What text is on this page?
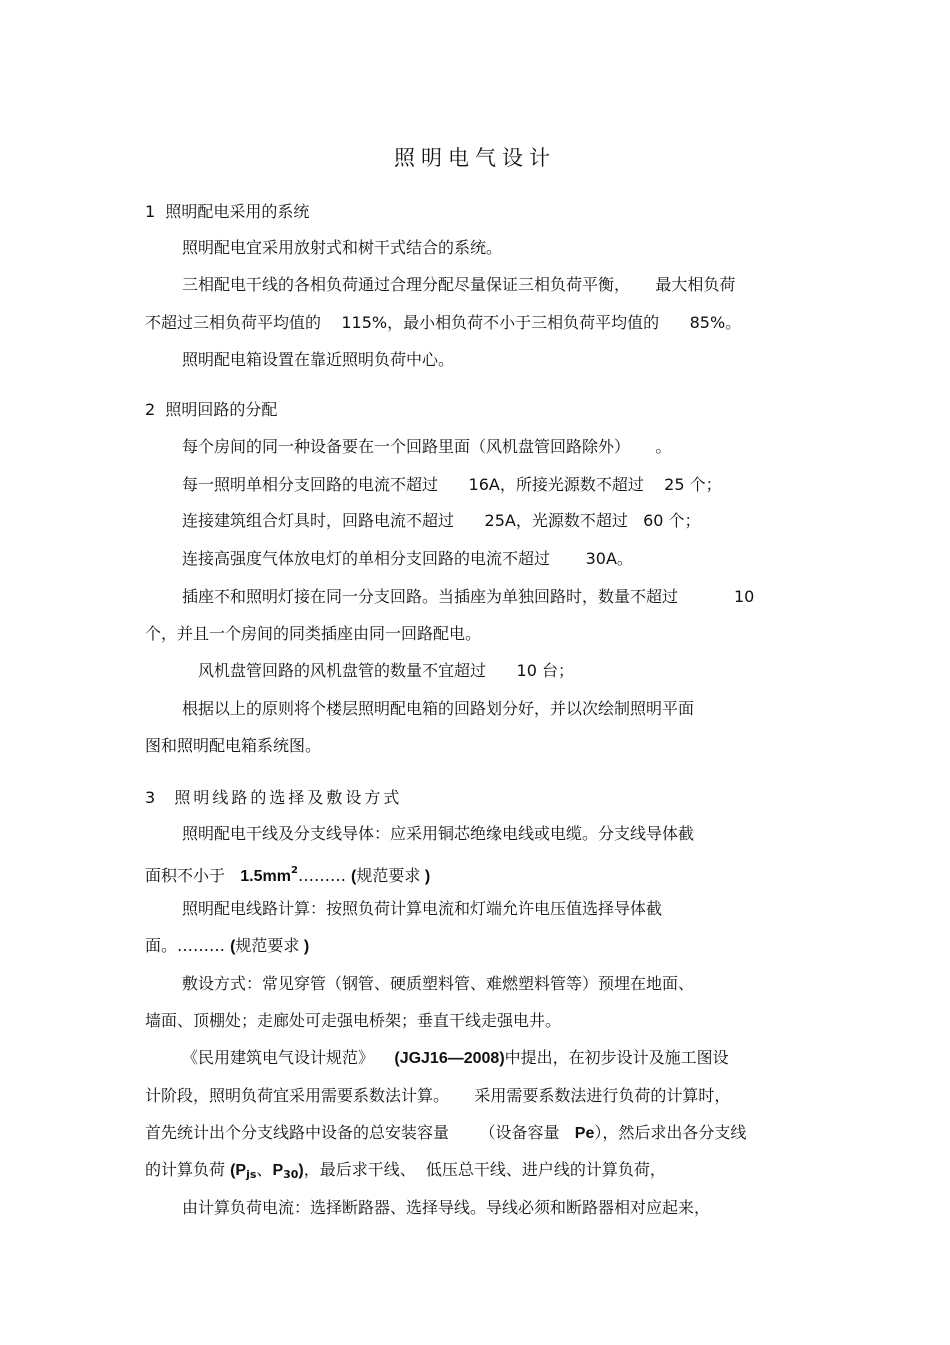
照明电气设计

1  照明配电采用的系统

照明配电宜采用放射式和树干式结合的系统。

三相配电干线的各相负荷通过合理分配尽量保证三相负荷平衡，     最大相负荷

不超过三相负荷平均值的    115%，最小相负荷不小于三相负荷平均值的      85%。

照明配电箱设置在靠近照明负荷中心。

2  照明回路的分配

每个房间的同一种设备要在一个回路里面（风机盘管回路除外）     。

每一照明单相分支回路的电流不超过      16A，所接光源数不超过    25 个；

连接建筑组合灯具时，回路电流不超过      25A，光源数不超过   60 个；

连接高强度气体放电灯的单相分支回路的电流不超过       30A。

插座不和照明灯接在同一分支回路。当插座为单独回路时，数量不超过           10

个，并且一个房间的同类插座由同一回路配电。

风机盘管回路的风机盘管的数量不宜超过      10 台；

根据以上的原则将个楼层照明配电箱的回路划分好，并以次绘制照明平面

图和照明配电箱系统图。

3  照明线路的选择及敷设方式

照明配电干线及分支线导体：应采用铜芯绝缘电线或电缆。分支线导体截

面积不小于   $1.5mm^2\dots\dots\dots$ (规范要求 )

照明配电线路计算：按照负荷计算电流和灯端允许电压值选择导体截

面。……… (规范要求 )

敷设方式：常见穿管（钢管、硬质塑料管、难燃塑料管等）预埋在地面、

墙面、顶棚处；走廊处可走强电桥架；垂直干线走强电井。

《民用建筑电气设计规范》    (JGJ16—2008)中提出，在初步设计及施工图设

计阶段，照明负荷宜采用需要系数法计算。     采用需要系数法进行负荷的计算时，

首先统计出个分支线路中设备的总安装容量      （设备容量   Pe），然后求出各分支线

的计算负荷 ($P_{js}$、$P_{30}$)，最后求干线、  低压总干线、进户线的计算负荷，

由计算负荷电流：选择断路器、选择导线。导线必须和断路器相对应起来，
